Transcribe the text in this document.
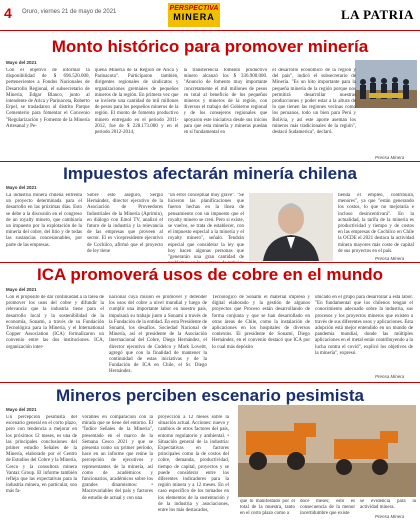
4 Oruro, viernes 21 de mayo de 2021	PERSPECTIVA
MINERA	LA PATRIA
Monto histórico para promover minería
Mayo del 2021
Con el objetivo de informar la disponibilidad de $ 696.520.000, pertenecientes a Fondos Nacionales de Desarrollo Regional, el subsecretario de Minería, Edgar Blanco, junto al intendente de Arica y Parinacota, Roberto Erpel, se trasladaron al distrito Parque Cementerio para fomentar el Convenio "Regularización y Fomento de la Minería Artesanal y Pe-
queña Minería de la Región de Arica y Parinacota". Participaron también, dirigentes regionales de sindicatos y organizaciones gremiales de pequeños mineros de la región. En primera vez que se invierte una cantidad de mil millones de pesos para los pequeños mineros de la región. El monto de fomento productivo minero entregado en el periodo 2011-2012, fue de $ 228.173.000 y en el periodo 2012-2014,
la transferencia fomento productivo minero alcanzó los $ 336.900.000. "Anuncio de fomento muy importante concretamente el mil millones de pesos en total al beneficio de los pequeños mineros y mineros de la región, con diversos el trabajo del Gobierno regional y de los consejeros regionales que apoyaron este iniciativa desde sus inicios para que esta minería y mineras puedan en sí fundamental en
el desarrollo económico de la región y del país", indicó el subsecretario de Minería. "Es un hito importante para la pequeña minería de la región porque nos permitirá desarrollar nuestras producciones y poder estar a la altura de lo que tienen las regiones vecinas como los peruanos, todo un bien para Perú y Bolivia, y así este aporte aseman los mineros más tradicionales de la región", destacó Sudamerica", declaró.
Prensa Minera
Impuestos afectarán minería chilena
Mayo del 2021
La industria minera chilena enfrenta un proyecto determinada para el desarrollo en las próximas días. Esto se debe a la discusión en el congreso de un royalty minero, que cambiaría un impuesto por la explotación de la minería del cobre, del litio y de todas las sustancias concesionables, por parte de las empresas.
Sobre esto aseguró, Sergio Hernández, director ejecutivo de la Asociación de Proveedores Industriales de la Minería (Aprimin), en diálogo con Emol TV, analizó el futuro de la industria y la relevancia de las empresas que proveen al sector. El ex vicepresidente ejecutivo de Cochilco, afirmó que el proyecto de ley tiene
"un error conceptual muy grave". "Se hicieron las planificaciones que fueron hechas en la línea de pensamiento con un impuesto que el royalty minero se creó. Pero si existe, se vuelve, se trata de establecer, con el impuesto especial a la minería y el royalty minero", señaló. Tendrán especial que considerar la ley que hoy hacen algunas personas que "generarán una gran cantidad de
tienda el empleo, contribuirá, menores", ya que "están generando los costos, lo que no mejoraría e incluso desincentivará". En la actualidad, la tarifa de la minería es productividad y tiempo y de costos en las empresas de Cochilco en Chile la OCDE el 2021 destaca la actividad minera mayores más costo de capital de sus proyectos en el país.
Prensa Minera
ICA promoverá usos de cobre en el mundo
Mayo del 2021
Con el propósito de dar continuidad a la tarea de promover los usos del cobre y difundir la relevancia que la industria tiene para el desarrollo local y la sostenibilidad de la economía, Sonami, a través de su Fundación Tecnológica para la Minería, y el International Copper Association (ICA) formalizaron un convenio entre las dos instituciones. ICA, organización inter-
nacional cuya misión es promover y defender los usos del cobre a nivel mundial y luego de cumplir una importante labor en nuestro país, impulsará su trabajo junto a Sonami a través de la Fundación de la entidad. En esta Presidente de Sonami, los desafíos. Sociedad Nacional de Minería, así el presidente de la Asociación Internacional del Cobre, Diego Hernández, el director ejecutivo de Codelco y Mark Loveitt, agregó que con la finalidad de mantener la continuidad de estas iniciativas y de la Fundación de ICA en Chile, el Sr. Diego Hernández.
Tecnológico de Sonami el material impreso y digital elaborado y la gestión de algunos proyectos que Proceso están desarrollando de forma conjunta y que se han desarrollado en otras áreas de Chile, como la instalación de aplicaciones en los hospitales de diversos contextos. El presidente de Sonami, Diego Hernández, en el convenio destacó que ICA por lo cual más depósito
ubicado en el grupo para desarrollar a esta labor. "En fundamental que los chilenos tengan el conocimiento adecuado sobre la industria, sus procesos y los proyectos mineros que existen a través de sus diferentes usos y aplicaciones. Esta adopción está mejor entendido en un mundo de pandemia mundial, donde las múltiples aplicaciones en el metal están contribuyendo a la lucha contra el covid", explicó los objetivos de la minería", expresó.
Prensa Minera
Mineros perciben escenario pesimista
Mayo del 2021
Un percepción pesimista del escenario general en el corto plazo, pero con tendencia a mejorar en los próximos 12 meses, es una de las principales conclusiones del primer estudio Señales de la Minería, elaborado por el Centro de Estudios del Cobre y la Minería, Cesco y la consultora minera Vantaz Group. El informe también refleja que las expectativas para la industria minera, en particular, son más fa-
vorables en comparación con la mirada que se tiene del entorno. El "Índice Señales de la Minería", presentado en el marco de la Semana Cesco 2021 y que se presenta como un primer período, hace en un informe que reúne la percepción de ejecutivos y representantes de la minería, así como de académicos y funcionarios, académicos sobre los grandes dinamismos: • Macrovariables del país y factores de estudio de actual y con una
proyección a 12 meses sobre la situación actual. Acciones: nuevo y cambios de otros factores del país, entorno regulatorio y ambiental. • Situación general de la industria: Expectativas en factores principales como la de costos del cobre, demanda, productividad, tiempo de capital, proyectos y se puede considerar entre los diferentes indicadores para la región minera y a 12 meses. En el caso específico de los tomados en los elementos de la sustentación y de la industria y asociaciones, entre los más destacados,
que lo manifestado por el total de la muestra, tanto en el corto plazo como a
doce meses; esto es consecuencia de la menor incertidumbre que existe
se evidencia para la actividad minera.
Prensa Minera
